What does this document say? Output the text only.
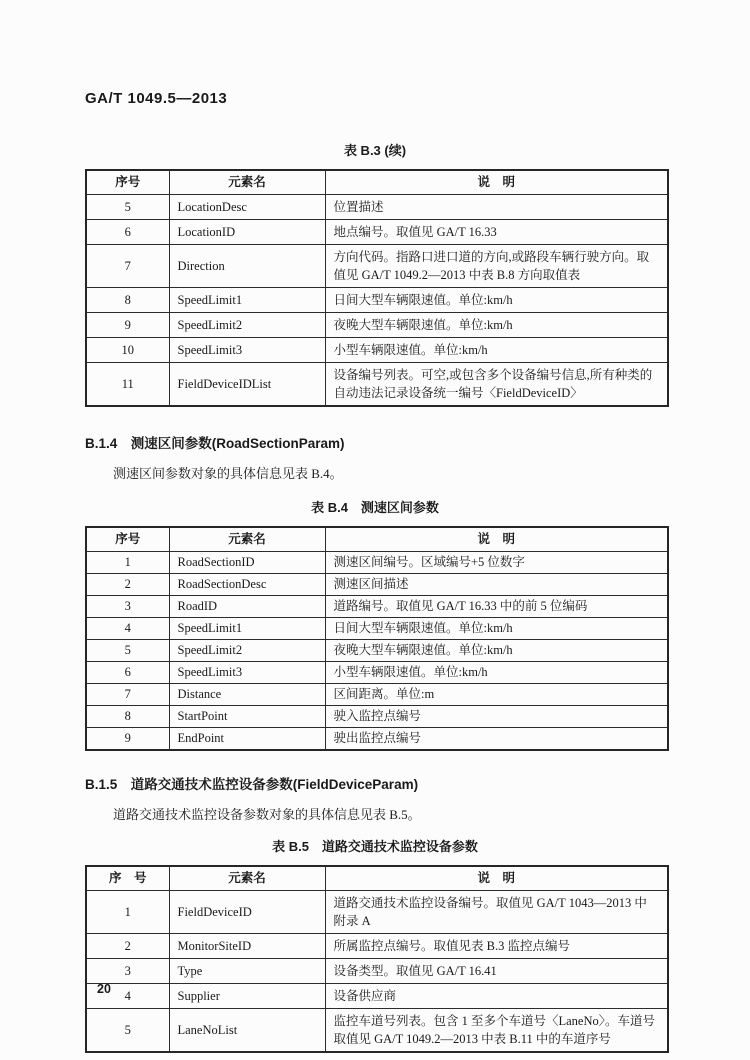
GA/T 1049.5—2013
表 B.3 (续)
序号	元素名	说　明
5	LocationDesc	位置描述
6	LocationID	地点编号。取值见 GA/T 16.33
7	Direction	方向代码。指路口进口道的方向,或路段车辆行驶方向。取值见 GA/T 1049.2—2013 中表 B.8 方向取值表
8	SpeedLimit1	日间大型车辆限速值。单位:km/h
9	SpeedLimit2	夜晚大型车辆限速值。单位:km/h
10	SpeedLimit3	小型车辆限速值。单位:km/h
11	FieldDeviceIDList	设备编号列表。可空,或包含多个设备编号信息,所有种类的自动违法记录设备统一编号〈FieldDeviceID〉
B.1.4　测速区间参数(RoadSectionParam)
测速区间参数对象的具体信息见表 B.4。
表 B.4　测速区间参数
序号	元素名	说　明
1	RoadSectionID	测速区间编号。区域编号+5 位数字
2	RoadSectionDesc	测速区间描述
3	RoadID	道路编号。取值见 GA/T 16.33 中的前 5 位编码
4	SpeedLimit1	日间大型车辆限速值。单位:km/h
5	SpeedLimit2	夜晚大型车辆限速值。单位:km/h
6	SpeedLimit3	小型车辆限速值。单位:km/h
7	Distance	区间距离。单位:m
8	StartPoint	驶入监控点编号
9	EndPoint	驶出监控点编号
B.1.5　道路交通技术监控设备参数(FieldDeviceParam)
道路交通技术监控设备参数对象的具体信息见表 B.5。
表 B.5　道路交通技术监控设备参数
序　号	元素名	说　明
1	FieldDeviceID	道路交通技术监控设备编号。取值见 GA/T 1043—2013 中附录 A
2	MonitorSiteID	所属监控点编号。取值见表 B.3 监控点编号
3	Type	设备类型。取值见 GA/T 16.41
4	Supplier	设备供应商
5	LaneNoList	监控车道号列表。包含 1 至多个车道号〈LaneNo〉。车道号取值见 GA/T 1049.2—2013 中表 B.11 中的车道序号
20
